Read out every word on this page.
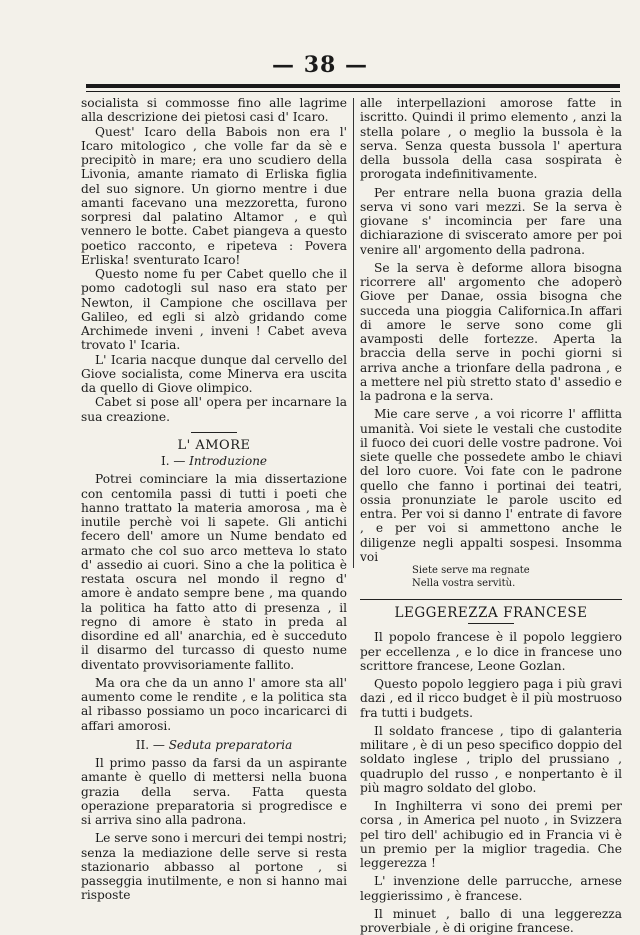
— 38 —

socialista si commosse fino alle lagrime alla descrizione dei pietosi casi d' Icaro.

Quest' Icaro della Babois non era l' Icaro mitologico , che volle far da sè e precipitò in mare; era uno scudiero della Livonia, amante riamato di Erliska figlia del suo signore. Un giorno mentre i due amanti facevano una mezzoretta, furono sorpresi dal palatino Altamor , e quì vennero le botte. Cabet piangeva a questo poetico racconto, e ripeteva : Povera Erliska! sventurato Icaro!

Questo nome fu per Cabet quello che il pomo cadotogli sul naso era stato per Newton, il Campione che oscillava per Galileo, ed egli si alzò gridando come Archimede inveni , inveni ! Cabet aveva trovato l' Icaria.

L' Icaria nacque dunque dal cervello del Giove socialista, come Minerva era uscita da quello di Giove olimpico.

Cabet si pose all' opera per incarnare la sua creazione.

L' AMORE
I. — Introduzione

Potrei cominciare la mia dissertazione con centomila passi di tutti i poeti che hanno trattato la materia amorosa , ma è inutile perchè voi li sapete. Gli antichi fecero dell' amore un Nume bendato ed armato che col suo arco metteva lo stato d' assedio ai cuori. Sino a che la politica è restata oscura nel mondo il regno d' amore è andato sempre bene , ma quando la politica ha fatto atto di presenza , il regno di amore è stato in preda al disordine ed all' anarchia, ed è succeduto il disarmo del turcasso di questo nume diventato provvisoriamente fallito.

Ma ora che da un anno l' amore sta all' aumento come le rendite , e la politica sta al ribasso possiamo un poco incaricarci di affari amorosi.

II. — Seduta preparatoria

Il primo passo da farsi da un aspirante amante è quello di mettersi nella buona grazia della serva. Fatta questa operazione preparatoria si progredisce e si arriva sino alla padrona.

Le serve sono i mercuri dei tempi nostri; senza la mediazione delle serve si resta stazionario abbasso al portone , si passeggia inutilmente, e non si hanno mai risposte

alle interpellazioni amorose fatte in iscritto. Quindi il primo elemento , anzi la stella polare , o meglio la bussola è la serva. Senza questa bussola l' apertura della bussola della casa sospirata è prorogata indefinitivamente.

Per entrare nella buona grazia della serva vi sono vari mezzi. Se la serva è giovane s' incomincia per fare una dichiarazione di sviscerato amore per poi venire all' argomento della padrona.

Se la serva è deforme allora bisogna ricorrere all' argomento che adoperò Giove per Danae, ossia bisogna che succeda una pioggia Californica.In affari di amore le serve sono come gli avamposti delle fortezze. Aperta la braccia della serve in pochi giorni si arriva anche a trionfare della padrona , e a mettere nel più stretto stato d' assedio e la padrona e la serva.

Mie care serve , a voi ricorre l' afflitta umanità. Voi siete le vestali che custodite il fuoco dei cuori delle vostre padrone. Voi siete quelle che possedete ambo le chiavi del loro cuore. Voi fate con le padrone quello che fanno i portinai dei teatri, ossia pronunziate le parole uscito ed entra. Per voi si danno l' entrate di favore , e per voi si ammettono anche le diligenze negli appalti sospesi. Insomma voi

Siete serve ma regnate
Nella vostra servitù.
LEGGEREZZA FRANCESE

Il popolo francese è il popolo leggiero per eccellenza , e lo dice in francese uno scrittore francese, Leone Gozlan.

Questo popolo leggiero paga i più gravi dazi , ed il ricco budget è il più mostruoso fra tutti i budgets.

Il soldato francese , tipo di galanteria militare , è di un peso specifico doppio del soldato inglese , triplo del prussiano , quadruplo del russo , e nonpertanto è il più magro soldato del globo.

In Inghilterra vi sono dei premi per corsa , in America pel nuoto , in Svizzera pel tiro dell' achibugio ed in Francia vi è un premio per la miglior tragedia. Che leggerezza !

L' invenzione delle parrucche, arnese leggierissimo , è francese.

Il minuet , ballo di una leggerezza proverbiale , è di origine francese.
